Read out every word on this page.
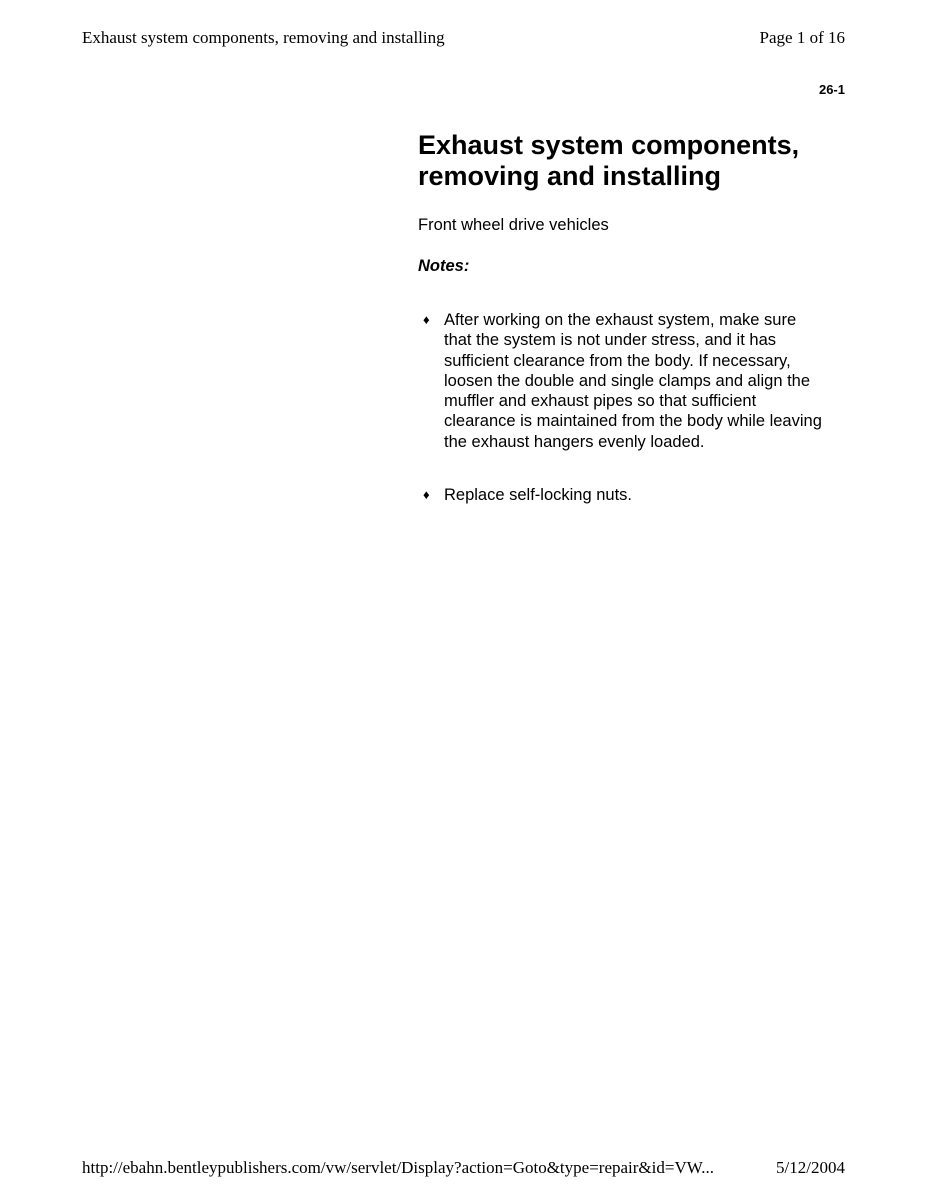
Exhaust system components, removing and installing	Page 1 of 16
26-1
Exhaust system components, removing and installing

Front wheel drive vehicles

Notes:

♦ After working on the exhaust system, make sure that the system is not under stress, and it has sufficient clearance from the body. If necessary, loosen the double and single clamps and align the muffler and exhaust pipes so that sufficient clearance is maintained from the body while leaving the exhaust hangers evenly loaded.
♦ Replace self-locking nuts.
http://ebahn.bentleypublishers.com/vw/servlet/Display?action=Goto&type=repair&id=VW...	5/12/2004
